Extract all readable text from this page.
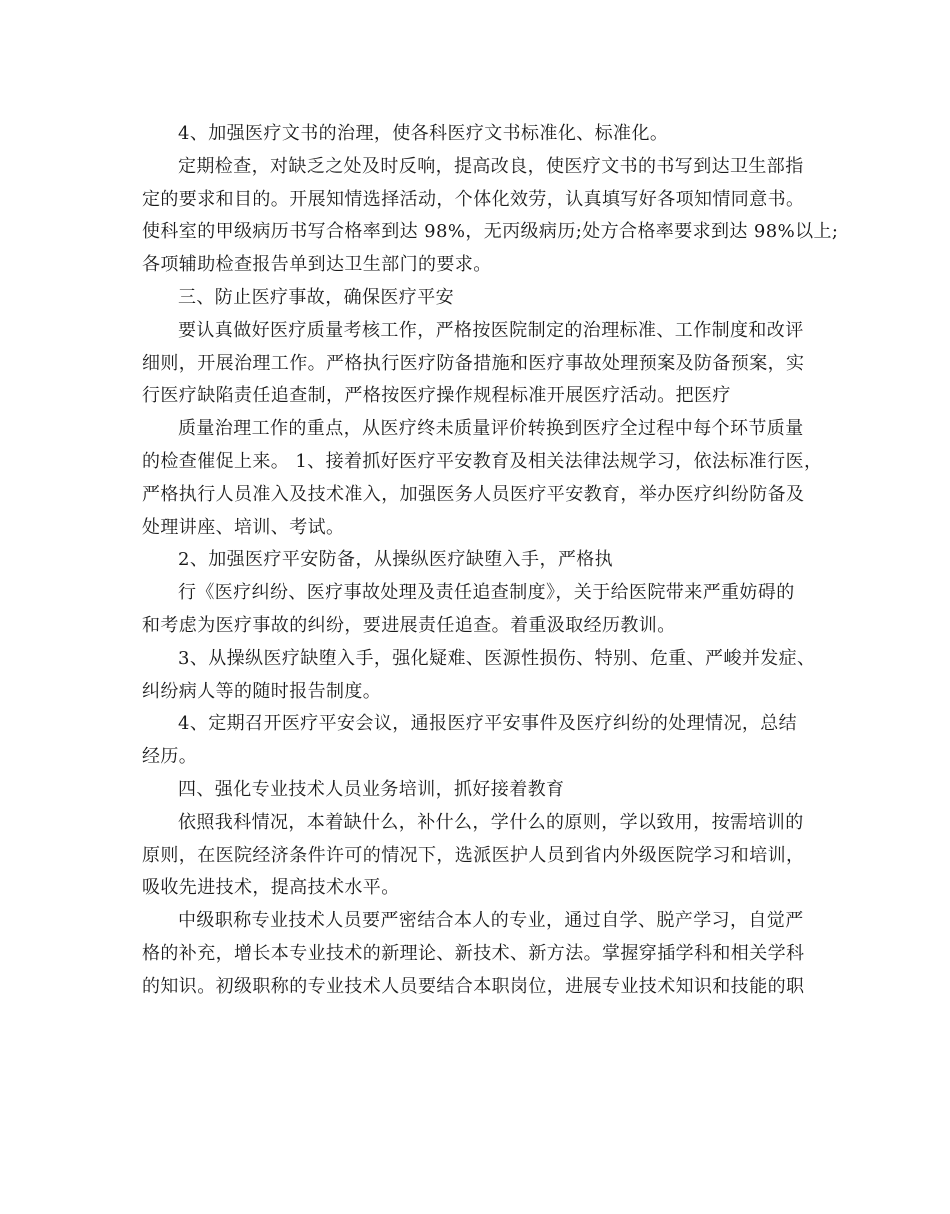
4、加强医疗文书的治理，使各科医疗文书标准化、标准化。
定期检查，对缺乏之处及时反响，提高改良，使医疗文书的书写到达卫生部指
定的要求和目的。开展知情选择活动，个体化效劳，认真填写好各项知情同意书。
使科室的甲级病历书写合格率到达 98%，无丙级病历;处方合格率要求到达 98%以上;
各项辅助检查报告单到达卫生部门的要求。
三、防止医疗事故，确保医疗平安
要认真做好医疗质量考核工作，严格按医院制定的治理标准、工作制度和改评
细则，开展治理工作。严格执行医疗防备措施和医疗事故处理预案及防备预案，实
行医疗缺陷责任追查制，严格按医疗操作规程标准开展医疗活动。把医疗
质量治理工作的重点，从医疗终未质量评价转换到医疗全过程中每个环节质量
的检查催促上来。 1、接着抓好医疗平安教育及相关法律法规学习，依法标准行医，
严格执行人员准入及技术准入，加强医务人员医疗平安教育，举办医疗纠纷防备及
处理讲座、培训、考试。
2、加强医疗平安防备，从操纵医疗缺堕入手，严格执
行《医疗纠纷、医疗事故处理及责任追查制度》，关于给医院带来严重妨碍的
和考虑为医疗事故的纠纷，要进展责任追查。着重汲取经历教训。
3、从操纵医疗缺堕入手，强化疑难、医源性损伤、特别、危重、严峻并发症、
纠纷病人等的随时报告制度。
4、定期召开医疗平安会议，通报医疗平安事件及医疗纠纷的处理情况，总结
经历。
四、强化专业技术人员业务培训，抓好接着教育
依照我科情况，本着缺什么，补什么，学什么的原则，学以致用，按需培训的
原则，在医院经济条件许可的情况下，选派医护人员到省内外级医院学习和培训，
吸收先进技术，提高技术水平。
中级职称专业技术人员要严密结合本人的专业，通过自学、脱产学习，自觉严
格的补充，增长本专业技术的新理论、新技术、新方法。掌握穿插学科和相关学科
的知识。初级职称的专业技术人员要结合本职岗位，进展专业技术知识和技能的职
